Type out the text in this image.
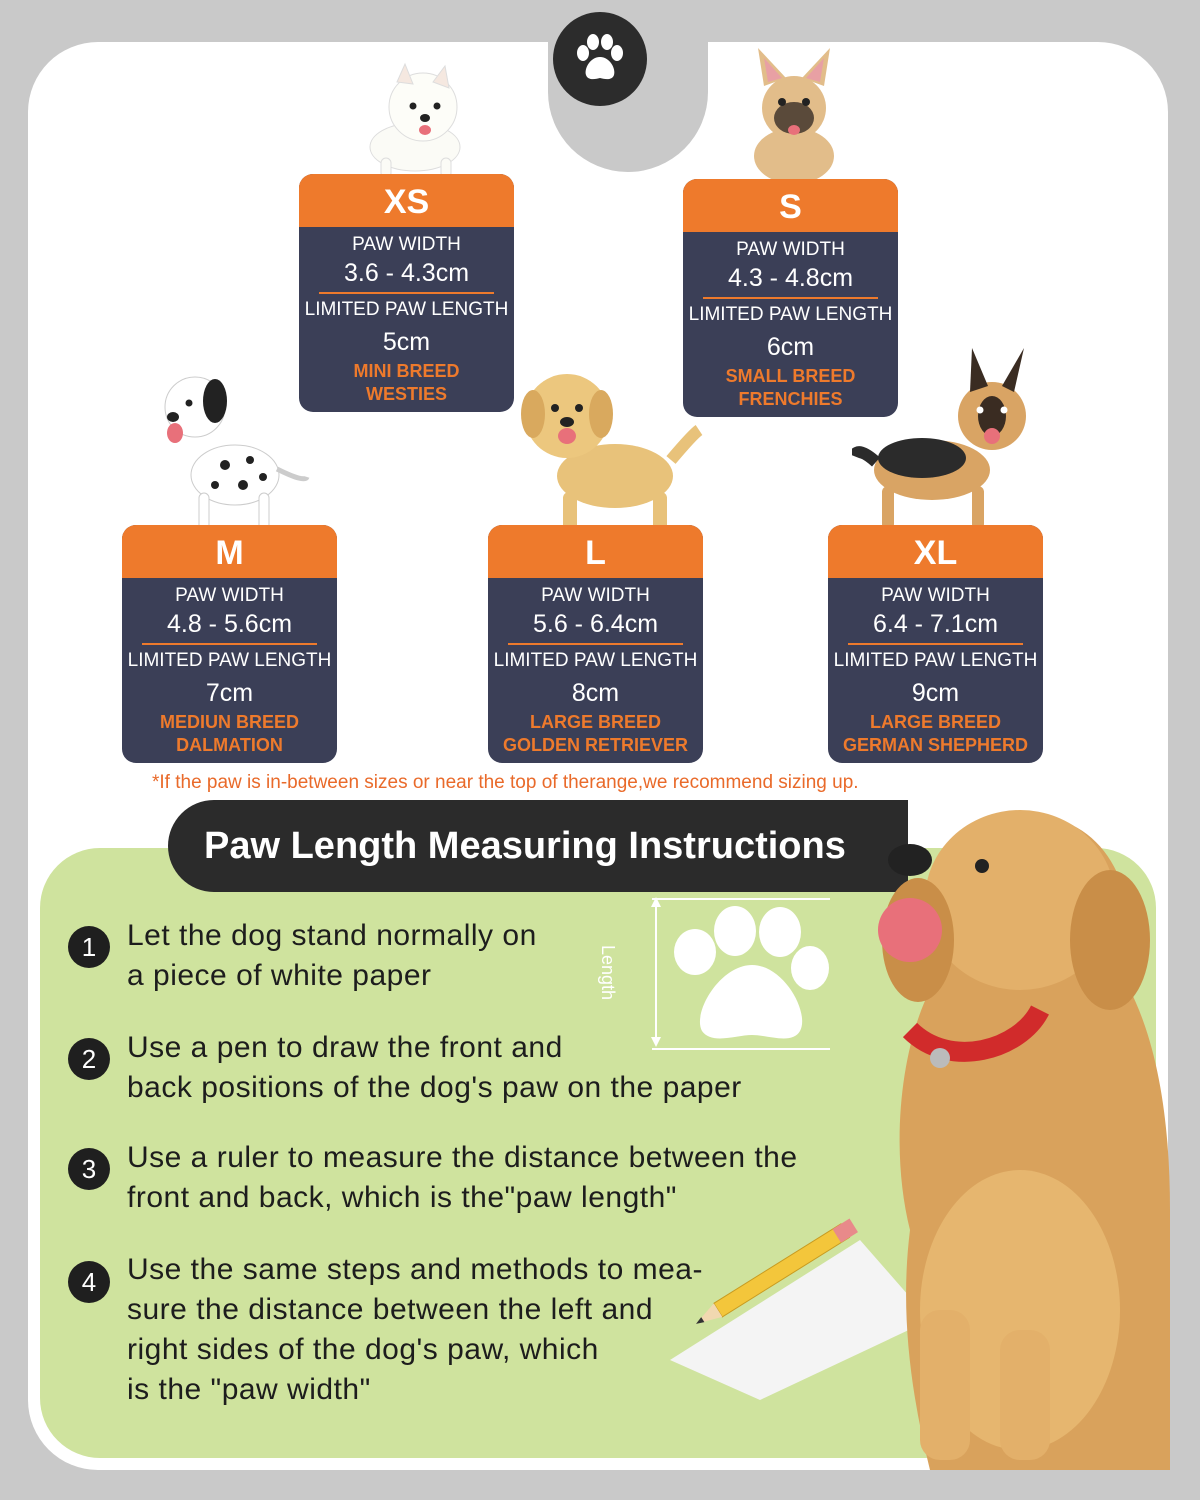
XS
PAW WIDTH
3.6 - 4.3cm
LIMITED PAW LENGTH
5cm
MINI BREED
WESTIES
S
PAW WIDTH
4.3 - 4.8cm
LIMITED PAW LENGTH
6cm
SMALL BREED
FRENCHIES
M
PAW WIDTH
4.8 - 5.6cm
LIMITED PAW LENGTH
7cm
MEDIUN BREED
DALMATION
L
PAW WIDTH
5.6 - 6.4cm
LIMITED PAW LENGTH
8cm
LARGE BREED
GOLDEN RETRIEVER
XL
PAW WIDTH
6.4 - 7.1cm
LIMITED PAW LENGTH
9cm
LARGE BREED
GERMAN SHEPHERD
*If the paw is in-between sizes or near the top of therange,we recommend sizing up.
Paw Length Measuring Instructions
Length
1	Let the dog stand normally on
a piece of white paper
2	Use a pen to draw the front and
back positions of the dog's paw on the paper
3	Use a ruler to measure the distance between the
front and back, which is the"paw length"
4	Use the same steps and methods to mea-
sure the distance between the left and
right sides of the dog's paw, which
is the "paw width"
